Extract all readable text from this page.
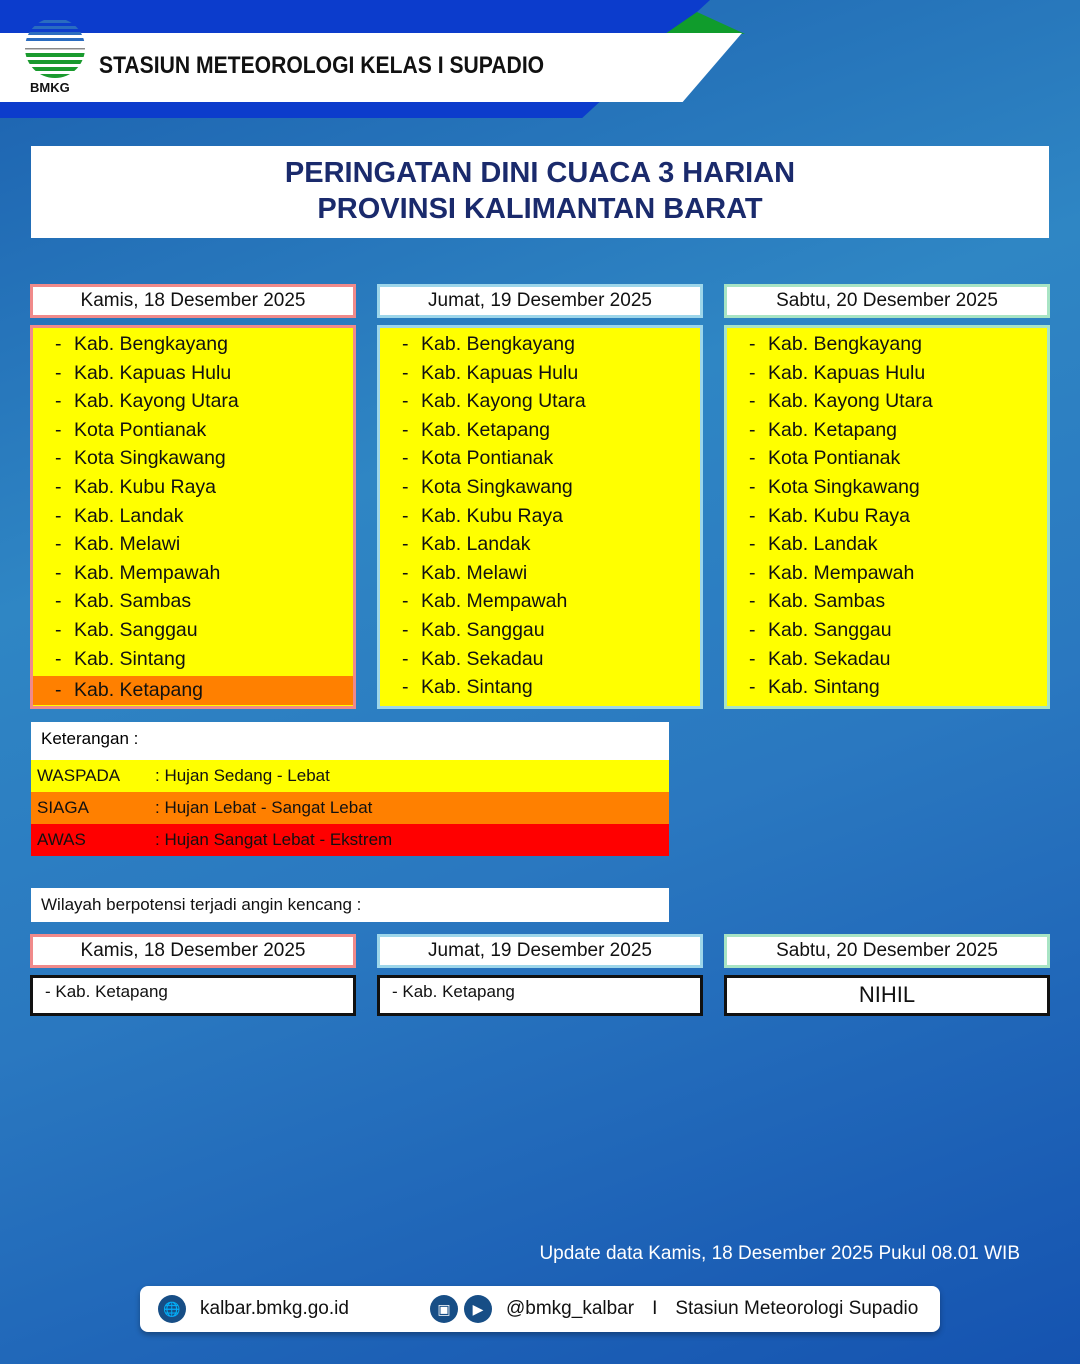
BMKG
STASIUN METEOROLOGI KELAS I SUPADIO
PERINGATAN DINI CUACA 3 HARIAN
PROVINSI KALIMANTAN BARAT
Kamis, 18 Desember 2025
- Kab. Bengkayang
- Kab. Kapuas Hulu
- Kab. Kayong Utara
- Kota Pontianak
- Kota Singkawang
- Kab. Kubu Raya
- Kab. Landak
- Kab. Melawi
- Kab. Mempawah
- Kab. Sambas
- Kab. Sanggau
- Kab. Sintang
- Kab. Ketapang
Jumat, 19 Desember 2025
- Kab. Bengkayang
- Kab. Kapuas Hulu
- Kab. Kayong Utara
- Kab. Ketapang
- Kota Pontianak
- Kota Singkawang
- Kab. Kubu Raya
- Kab. Landak
- Kab. Melawi
- Kab. Mempawah
- Kab. Sanggau
- Kab. Sekadau
- Kab. Sintang
Sabtu, 20 Desember 2025
- Kab. Bengkayang
- Kab. Kapuas Hulu
- Kab. Kayong Utara
- Kab. Ketapang
- Kota Pontianak
- Kota Singkawang
- Kab. Kubu Raya
- Kab. Landak
- Kab. Mempawah
- Kab. Sambas
- Kab. Sanggau
- Kab. Sekadau
- Kab. Sintang
Keterangan :
WASPADA	: Hujan Sedang - Lebat
SIAGA	: Hujan Lebat - Sangat Lebat
AWAS	: Hujan Sangat Lebat - Ekstrem
Wilayah berpotensi terjadi angin kencang :
Kamis, 18 Desember 2025
- Kab. Ketapang
Jumat, 19 Desember 2025
- Kab. Ketapang
Sabtu, 20 Desember 2025
NIHIL
Update data Kamis, 18 Desember 2025 Pukul 08.01 WIB
🌐 kalbar.bmkg.go.id	▣	▶	@bmkg_kalbar I Stasiun Meteorologi Supadio
